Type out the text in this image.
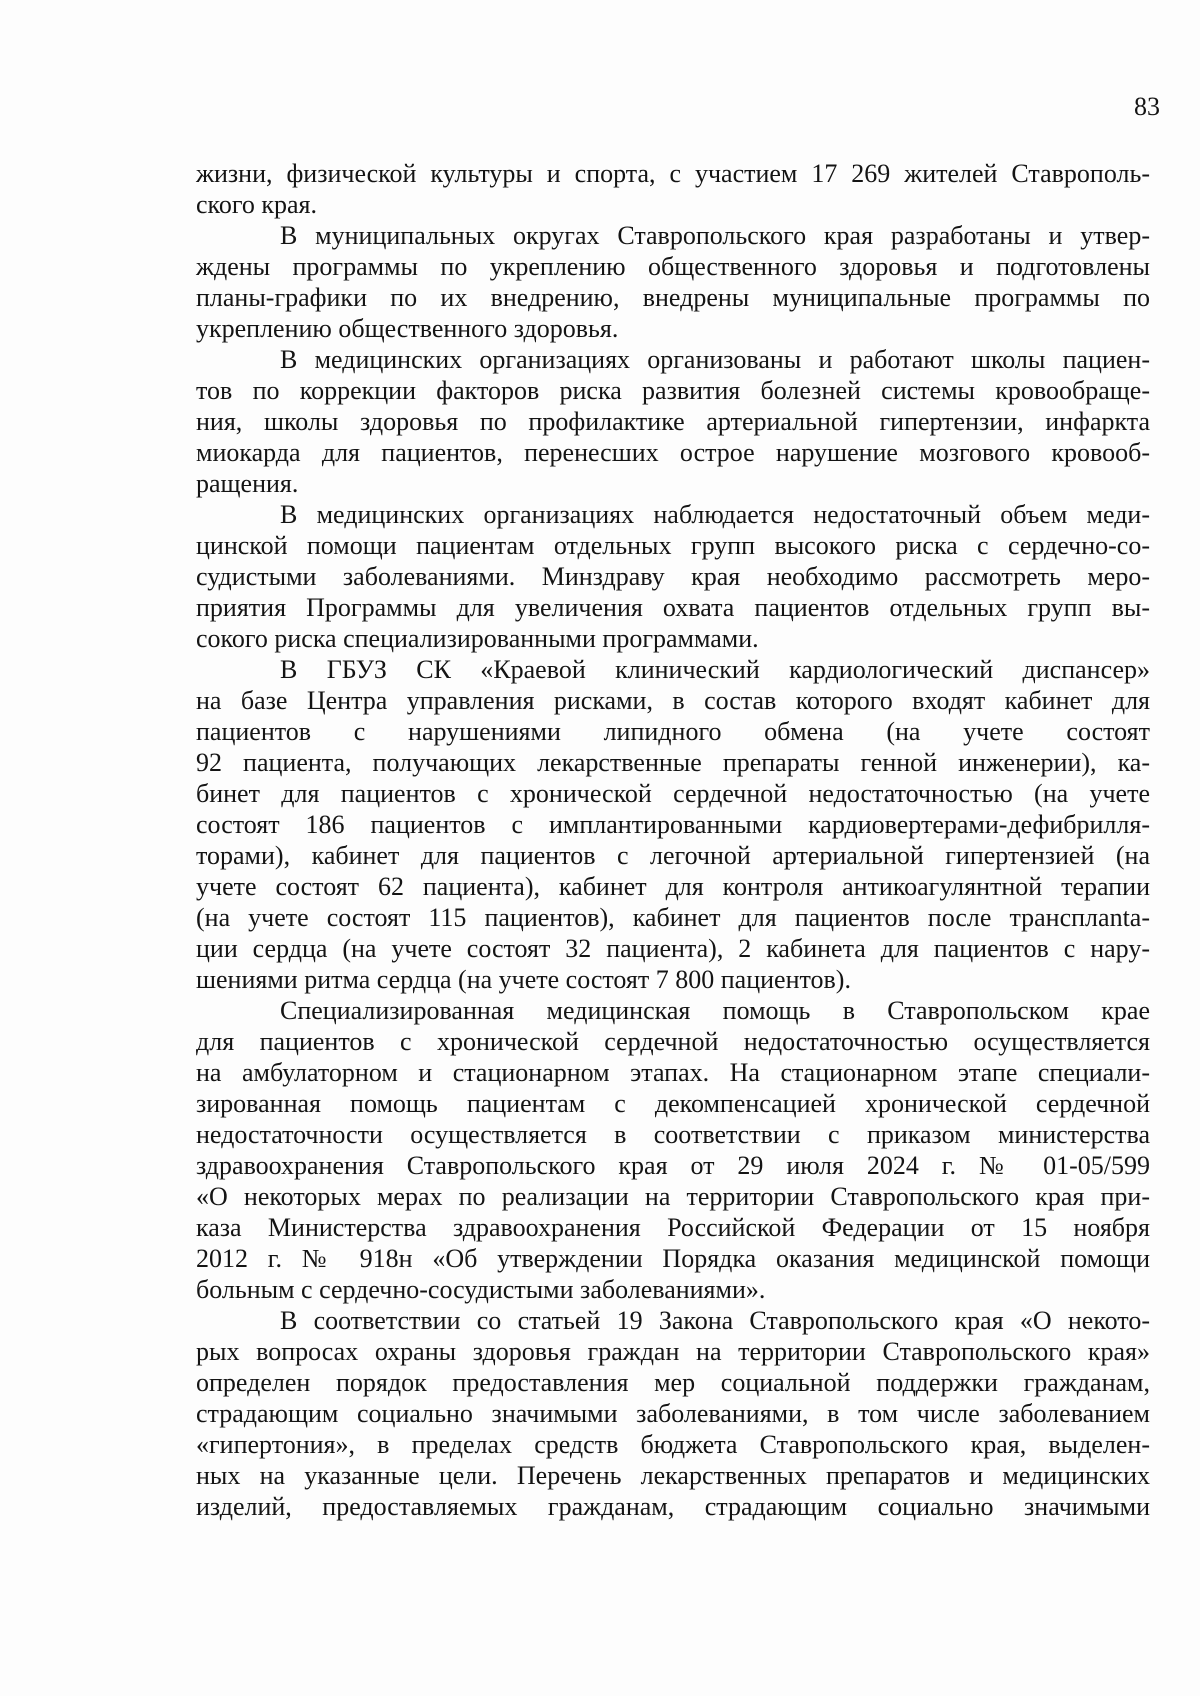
83
жизни, физической культуры и спорта, с участием 17 269 жителей Ставрополь-
ского края.
В муниципальных округах Ставропольского края разработаны и утвер-
ждены программы по укреплению общественного здоровья и подготовлены
планы-графики по их внедрению, внедрены муниципальные программы по
укреплению общественного здоровья.
В медицинских организациях организованы и работают школы пациен-
тов по коррекции факторов риска развития болезней системы кровообраще-
ния, школы здоровья по профилактике артериальной гипертензии, инфаркта
миокарда для пациентов, перенесших острое нарушение мозгового кровооб-
ращения.
В медицинских организациях наблюдается недостаточный объем меди-
цинской помощи пациентам отдельных групп высокого риска с сердечно-со-
судистыми заболеваниями. Минздраву края необходимо рассмотреть меро-
приятия Программы для увеличения охвата пациентов отдельных групп вы-
сокого риска специализированными программами.
В ГБУЗ СК «Краевой клинический кардиологический диспансер»
на базе Центра управления рисками, в состав которого входят кабинет для
пациентов с нарушениями липидного обмена (на учете состоят
92 пациента, получающих лекарственные препараты генной инженерии), ка-
бинет для пациентов с хронической сердечной недостаточностью (на учете
состоят 186 пациентов с имплантированными кардиовертерами-дефибрилля-
торами), кабинет для пациентов с легочной артериальной гипертензией (на
учете состоят 62 пациента), кабинет для контроля антикоагулянтной терапии
(на учете состоят 115 пациентов), кабинет для пациентов после трансплanta-
ции сердца (на учете состоят 32 пациента), 2 кабинета для пациентов с нару-
шениями ритма сердца (на учете состоят 7 800 пациентов).
Специализированная медицинская помощь в Ставропольском крае
для пациентов с хронической сердечной недостаточностью осуществляется
на амбулаторном и стационарном этапах. На стационарном этапе специали-
зированная помощь пациентам с декомпенсацией хронической сердечной
недостаточности осуществляется в соответствии с приказом министерства
здравоохранения Ставропольского края от 29 июля 2024 г. № 01-05/599
«О некоторых мерах по реализации на территории Ставропольского края при-
каза Министерства здравоохранения Российской Федерации от 15 ноября
2012 г. № 918н «Об утверждении Порядка оказания медицинской помощи
больным с сердечно-сосудистыми заболеваниями».
В соответствии со статьей 19 Закона Ставропольского края «О некото-
рых вопросах охраны здоровья граждан на территории Ставропольского края»
определен порядок предоставления мер социальной поддержки гражданам,
страдающим социально значимыми заболеваниями, в том числе заболеванием
«гипертония», в пределах средств бюджета Ставропольского края, выделен-
ных на указанные цели. Перечень лекарственных препаратов и медицинских
изделий, предоставляемых гражданам, страдающим социально значимыми
